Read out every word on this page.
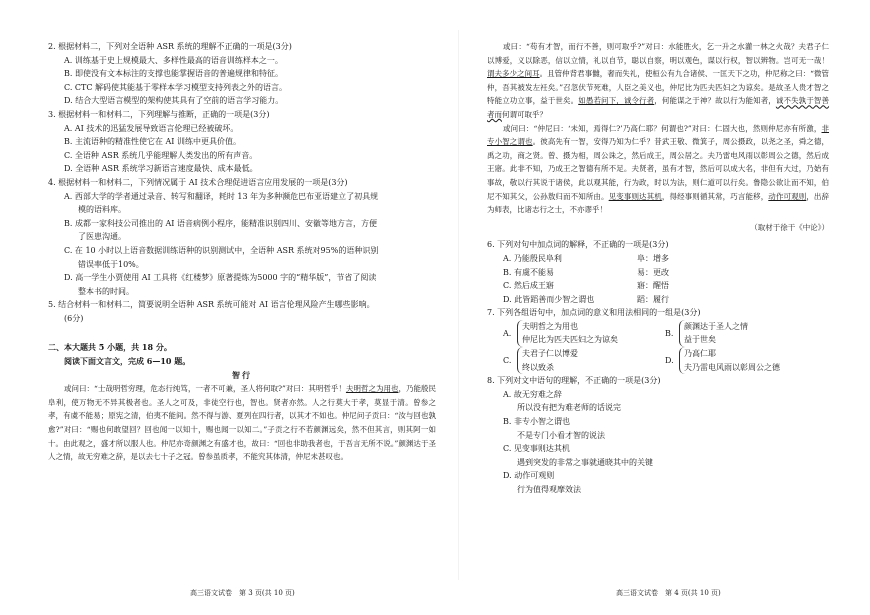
2. 根据材料二，下列对全语种 ASR 系统的理解不正确的一项是(3分)

A. 训练基于史上规模最大、多样性最高的语音训练样本之一。

B. 即使没有文本标注的支撑也能掌握语音的普遍规律和特征。

C. CTC 解码使其能基于零样本学习模型支持列表之外的语言。

D. 结合大型语言模型的架构使其具有了空前的语言学习能力。

3. 根据材料一和材料二，下列理解与推断，正确的一项是(3分)

A. AI 技术的迅猛发展导致语言伦理已经被破坏。

B. 主流语种的精准性使它在 AI 训练中更具价值。

C. 全语种 ASR 系统几乎能理解人类发出的所有声音。

D. 全语种 ASR 系统学习新语言速度最快、成本最低。

4. 根据材料一和材料二，下列情况属于 AI 技术合理促进语言应用发展的一项是(3分)

A. 西部大学的学者通过录音、转写和翻译，耗时 13 年为多种濒危巴布亚语建立了初具规

模的语料库。

B. 成都一家科技公司推出的 AI 语音病例小程序，能精准识别四川、安徽等地方言，方便

了医患沟通。

C. 在 10 小时以上语音数据训练语种的识别测试中，全语种 ASR 系统对95%的语种识别

错误率低于10%。

D. 高一学生小贾使用 AI 工具将《红楼梦》原著提炼为5000 字的“精华版”，节省了阅读

整本书的时间。

5. 结合材料一和材料二，简要说明全语种 ASR 系统可能对 AI 语言伦理风险产生哪些影响。

(6分)

二、本大题共 5 小题，共 18 分。

阅读下面文言文，完成 6—10 题。

智行

或问曰：“士哉明哲穷理，危态行纯笃，一者不可兼，圣人将何取?”对曰：其明哲乎！夫明哲之为用也，乃能殷民阜利，使万物无不异其极者也。圣人之可及，非徒空行也，智也。贤者亦然。人之行莫大于孝，莫显于清。曾参之孝，有虞不能易；原宪之清，伯夷不能间。然不得与游、夏列在四行者，以其才不如也。仲尼问子贡曰：“汝与回也孰愈?”对曰：“赐也何敢望回？回也闻一以知十，赐也闻一以知二。”子贡之行不若颜渊远矣，然不但其言，则其阿一如十。由此观之，盛才所以服人也。仲尼亦奇颜渊之有盛才也，故曰：“回也非助我者也，于吾言无所不说。”颜渊达于圣人之情，故无穷难之辞，是以去七十子之冠。曾参虽质孝，不能究其体清，仲尼未甚叹也。

或曰：“苟有才智，而行不善，则可取乎?”对曰：水能胜火，乞一升之水灌一林之火哉？夫君子仁以博爱，义以除恶，信以立情，礼以自节，聪以自察，明以观色，谋以行权，智以辨物。岂可无一哉！谓夫多少之间耳。且管仲背君事雠，奢而失礼，使桓公有九合诸侯、一匡天下之功，仲尼称之曰：“微管仲，吾其被发左衽矣。”召忽伏节死难，人臣之美义也，仲尼比为匹夫匹妇之为谅矣。是故圣人贵才智之特能立功立事，益于世矣。如愚若问下，诚令行者，何能谋之于神？故以行为能知者，诚不失孰于智善者而何谓可取乎？

或问曰：“仲尼曰：‘未知，焉得仁?’乃高仁耶？何谓也?”对曰：仁固大也，然则仲尼亦有所激，非专小智之谓也。彼高先有一智，安得乃知为仁乎？昔武王敬、微箕子，周公摄政，以尧之圣，舜之德，禹之功，商之贤。曾、摄为相，周公诛之，然后成王，周公居之。夫乃雷电风雨以彰周公之德，然后成王寤。此非不知，乃成王之智德有所不足。夫贤者，虽有才智，然后可以成大名，非但有大过，乃始有事故，敬以行其说于诸侯，此以观其能，行为政，时以为法，则仁道可以行矣。鲁隐公欲让而不知，伯尼不知其父，公孙敖归而不知所由。见变事则达其机，得经事则循其常，巧言能移，动作可观则，出辞为师表，比诸志行之士，不亦谬乎！

（取材于徐干《中论》）

6. 下列对句中加点词的解释，不正确的一项是(3分)

A. 乃能殷民阜利	阜：增多
B. 有虞不能易	易：更改
C. 然后成王寤	寤：醒悟
D. 此皆蹈善而少智之谓也	蹈：履行

7. 下列各组语句中，加点词的意义和用法相同的一组是(3分)

A.
夫明哲之为用也
仲尼比为匹夫匹妇之为谅矣
B.
颜渊达于圣人之情
益于世矣
C.
夫君子仁以博爱
终以致杀
D.
乃高仁耶
夫乃雷电风雨以彰周公之德

8. 下列对文中语句的理解，不正确的一项是(3分)

A. 故无穷难之辞

所以没有把为难老师的话说完

B. 非专小智之谓也

不是专门小看才智的说法

C. 见变事则达其机

遇到突发的非常之事就通晓其中的关键

D. 动作可观则

行为值得观摩效法

高三语文试卷　第 3 页(共 10 页)	高三语文试卷　第 4 页(共 10 页)
